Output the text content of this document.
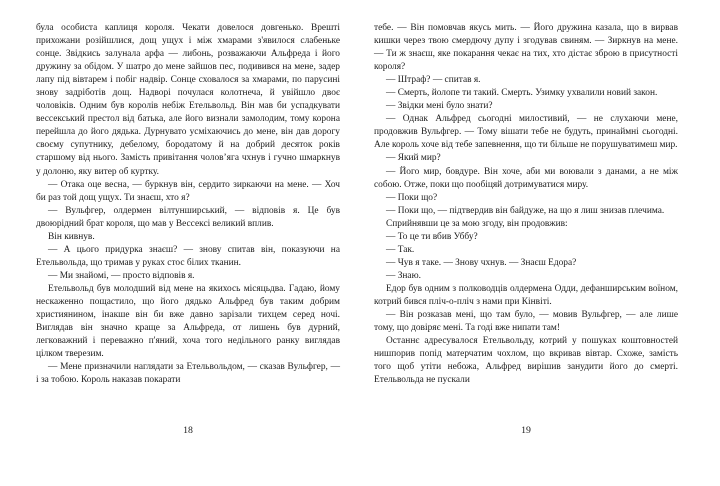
була особиста каплиця короля. Чекати довелося довгенько. Врешті прихожани розійшлися, дощ ущух і між хмарами з'явилося слабеньке сонце. Звідкись залунала арфа — либонь, розважаючи Альфреда і його дружину за обідом. У шатро до мене зайшов пес, подивився на мене, задер лапу під вівтарем і побіг надвір. Сонце сховалося за хмарами, по парусині знову задріботів дощ. Надворі почулася колотнеча, й увійшло двоє чоловіків. Одним був королів небіж Етельвольд. Він мав би успадкувати вессекський престол від батька, але його визнали замолодим, тому корона перейшла до його дядька. Дурнувато усміхаючись до мене, він дав дорогу своєму супутнику, дебелому, бородатому й на добрий десяток років старшому від нього. Замість привітання чоловʼяга чхнув і гучно шмаркнув у долоню, яку витер об куртку.

— Отака оце весна, — буркнув він, сердито зиркаючи на мене. — Хоч би раз той дощ ущух. Ти знаєш, хто я?

— Вульфгер, олдермен вілтунширський, — відповів я. Це був двоюрідний брат короля, що мав у Вессексі великий вплив.

Він кивнув.

— А цього придурка знаєш? — знову спитав він, показуючи на Етельвольда, що тримав у руках стос білих тканин.

— Ми знайомі, — просто відповів я.

Етельвольд був молодший від мене на якихось місяцьдва. Гадаю, йому нескаженно пощастило, що його дядько Альфред був таким добрим християнином, інакше він би вже давно зарізали тихцем серед ночі. Виглядав він значно краще за Альфреда, от лишень був дурний, легковажний і переважно п'яний, хоча того недільного ранку виглядав цілком тверезим.

— Мене призначили наглядати за Етельвольдом, — сказав Вульфгер, — і за тобою. Король наказав покарати

18

тебе. — Він помовчав якусь мить. — Його дружина казала, що в вирвав кишки через твою смердючу дупу і згодував свиням. — Зиркнув на мене. — Ти ж знаєш, яке покарання чекає на тих, хто дістає зброю в присутності короля?

— Штраф? — спитав я.

— Смерть, йолопе ти такий. Смерть. Узимку ухвалили новий закон.

— Звідки мені було знати?

— Однак Альфред сьогодні милостивий, — не слухаючи мене, продовжив Вульфгер. — Тому вішати тебе не будуть, принаймні сьогодні. Але король хоче від тебе запевнення, що ти більше не порушуватимеш мир.

— Який мир?

— Його мир, бовдуре. Він хоче, аби ми воювали з данами, а не між собою. Отже, поки що пообіцяй дотримуватися миру.

— Поки що?

— Поки що, — підтвердив він байдуже, на що я лиш знизав плечима.

Сприйнявши це за мою згоду, він продовжив:

— То це ти вбив Уббу?

— Так.

— Чув я таке. — Знову чхнув. — Знаєш Едора?

— Знаю.

Едор був одним з полководців олдермена Одди, дефанширським воїном, котрий бився пліч-о-пліч з нами при Кінвіті.

— Він розказав мені, що там було, — мовив Вульфгер, — але лише тому, що довіряє мені. Та годі вже нипати там!

Останнє адресувалося Етельвольду, котрий у пошуках коштовностей нишпорив попід матерчатим чохлом, що вкривав вівтар. Схоже, замість того щоб утіти небожа, Альфред вирішив занудити його до смерті. Етельвольда не пускали

19
